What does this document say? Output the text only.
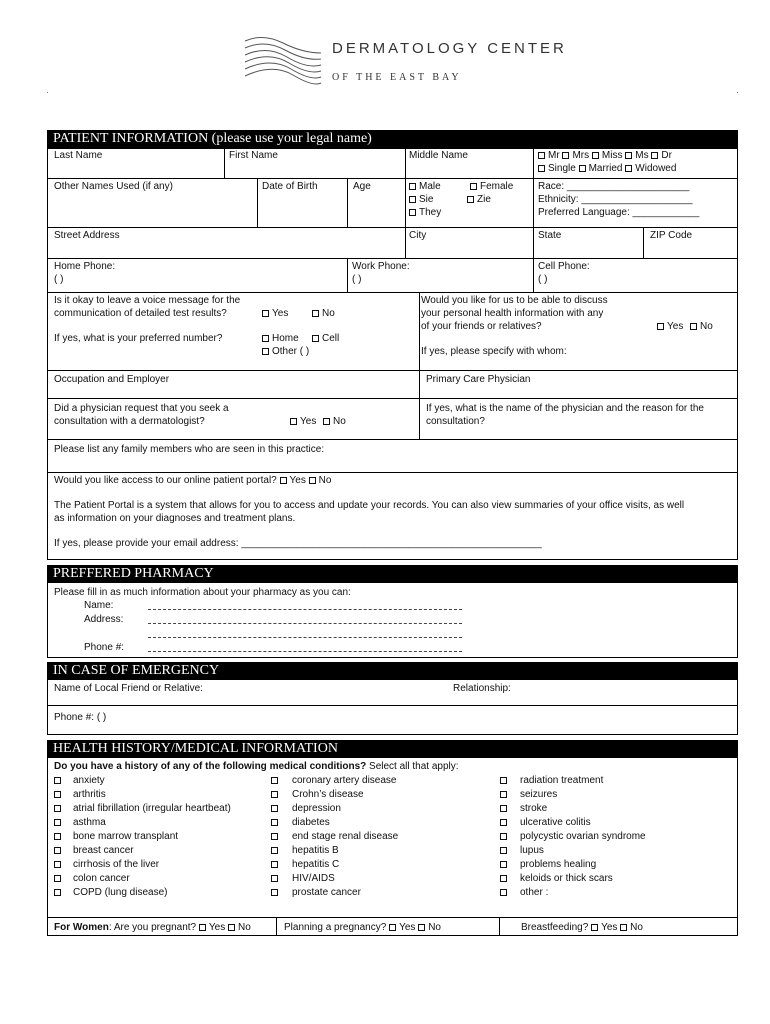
DERMATOLOGY CENTER
OF THE EAST BAY
PATIENT INFORMATION (please use your legal name)
Last Name	First Name	Middle Name	Mr Mrs Miss Ms Dr
Single Married Widowed
Other Names Used (if any)	Date of Birth	Age	Male	Female
Sie	Zie
They
Race: ______________________
Ethnicity: ____________________
Preferred Language: ____________
Street Address	City	State	ZIP Code
Home Phone:
( )
Work Phone:
( )
Cell Phone:
( )
Is it okay to leave a voice message for the
communication of detailed test results?	Yes	No
If yes, what is your preferred number?	Home	Cell
Other ( )
Would you like for us to be able to discuss
your personal health information with any
of your friends or relatives?	Yes	No
If yes, please specify with whom:
Occupation and Employer	Primary Care Physician
Did a physician request that you seek a
consultation with a dermatologist?	Yes	No
If yes, what is the name of the physician and the reason for the
consultation?
Please list any family members who are seen in this practice:
Would you like access to our online patient portal? Yes No
The Patient Portal is a system that allows for you to access and update your records. You can also view summaries of your office visits, as well
as information on your diagnoses and treatment plans.
If yes, please provide your email address: ______________________________________________________
PREFFERED PHARMACY
Please fill in as much information about your pharmacy as you can:
Name:
Address:
Phone #:
IN CASE OF EMERGENCY
Name of Local Friend or Relative:	Relationship:
Phone #: ( )
HEALTH HISTORY/MEDICAL INFORMATION
Do you have a history of any of the following medical conditions? Select all that apply:
anxiety
arthritis
atrial fibrillation (irregular heartbeat)
asthma
bone marrow transplant
breast cancer
cirrhosis of the liver
colon cancer
COPD (lung disease)
coronary artery disease
Crohn’s disease
depression
diabetes
end stage renal disease
hepatitis B
hepatitis C
HIV/AIDS
prostate cancer
radiation treatment
seizures
stroke
ulcerative colitis
polycystic ovarian syndrome
lupus
problems healing
keloids or thick scars
other :
For Women: Are you pregnant? Yes No	Planning a pregnancy? Yes No	Breastfeeding? Yes No
